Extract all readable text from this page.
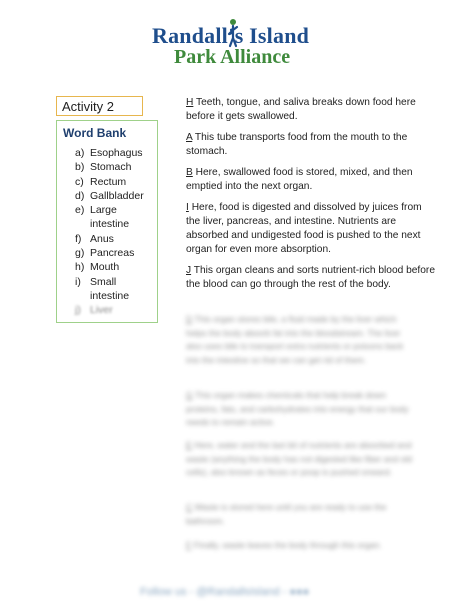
Randall’s Island
Park Alliance
Activity 2
Word Bank
a) Esophagus
b) Stomach
c) Rectum
d) Gallbladder
e) Large
intestine
f) Anus
g) Pancreas
h) Mouth
i) Small
intestine
j) Liver
H Teeth, tongue, and saliva breaks down food here before it gets swallowed.
A This tube transports food from the mouth to the stomach.
B Here, swallowed food is stored, mixed, and then emptied into the next organ.
I Here, food is digested and dissolved by juices from the liver, pancreas, and intestine. Nutrients are absorbed and undigested food is pushed to the next organ for even more absorption.
J This organ cleans and sorts nutrient-rich blood before the blood can go through the rest of the body.
D This organ stores bile, a fluid made by the liver which helps the body absorb fat into the bloodstream. The liver also uses bile to transport extra nutrients or poisons back into the intestine so that we can get rid of them.
G This organ makes chemicals that help break down proteins, fats, and carbohydrates into energy that our body needs to remain active.
E Here, water and the last bit of nutrients are absorbed and waste (anything the body has not digested like fiber and old cells), also known as feces or poop is pushed onward.
C Waste is stored here until you are ready to use the bathroom.
F Finally, waste leaves the body through this organ.
Follow us - @RandallsIsland - ●●●
